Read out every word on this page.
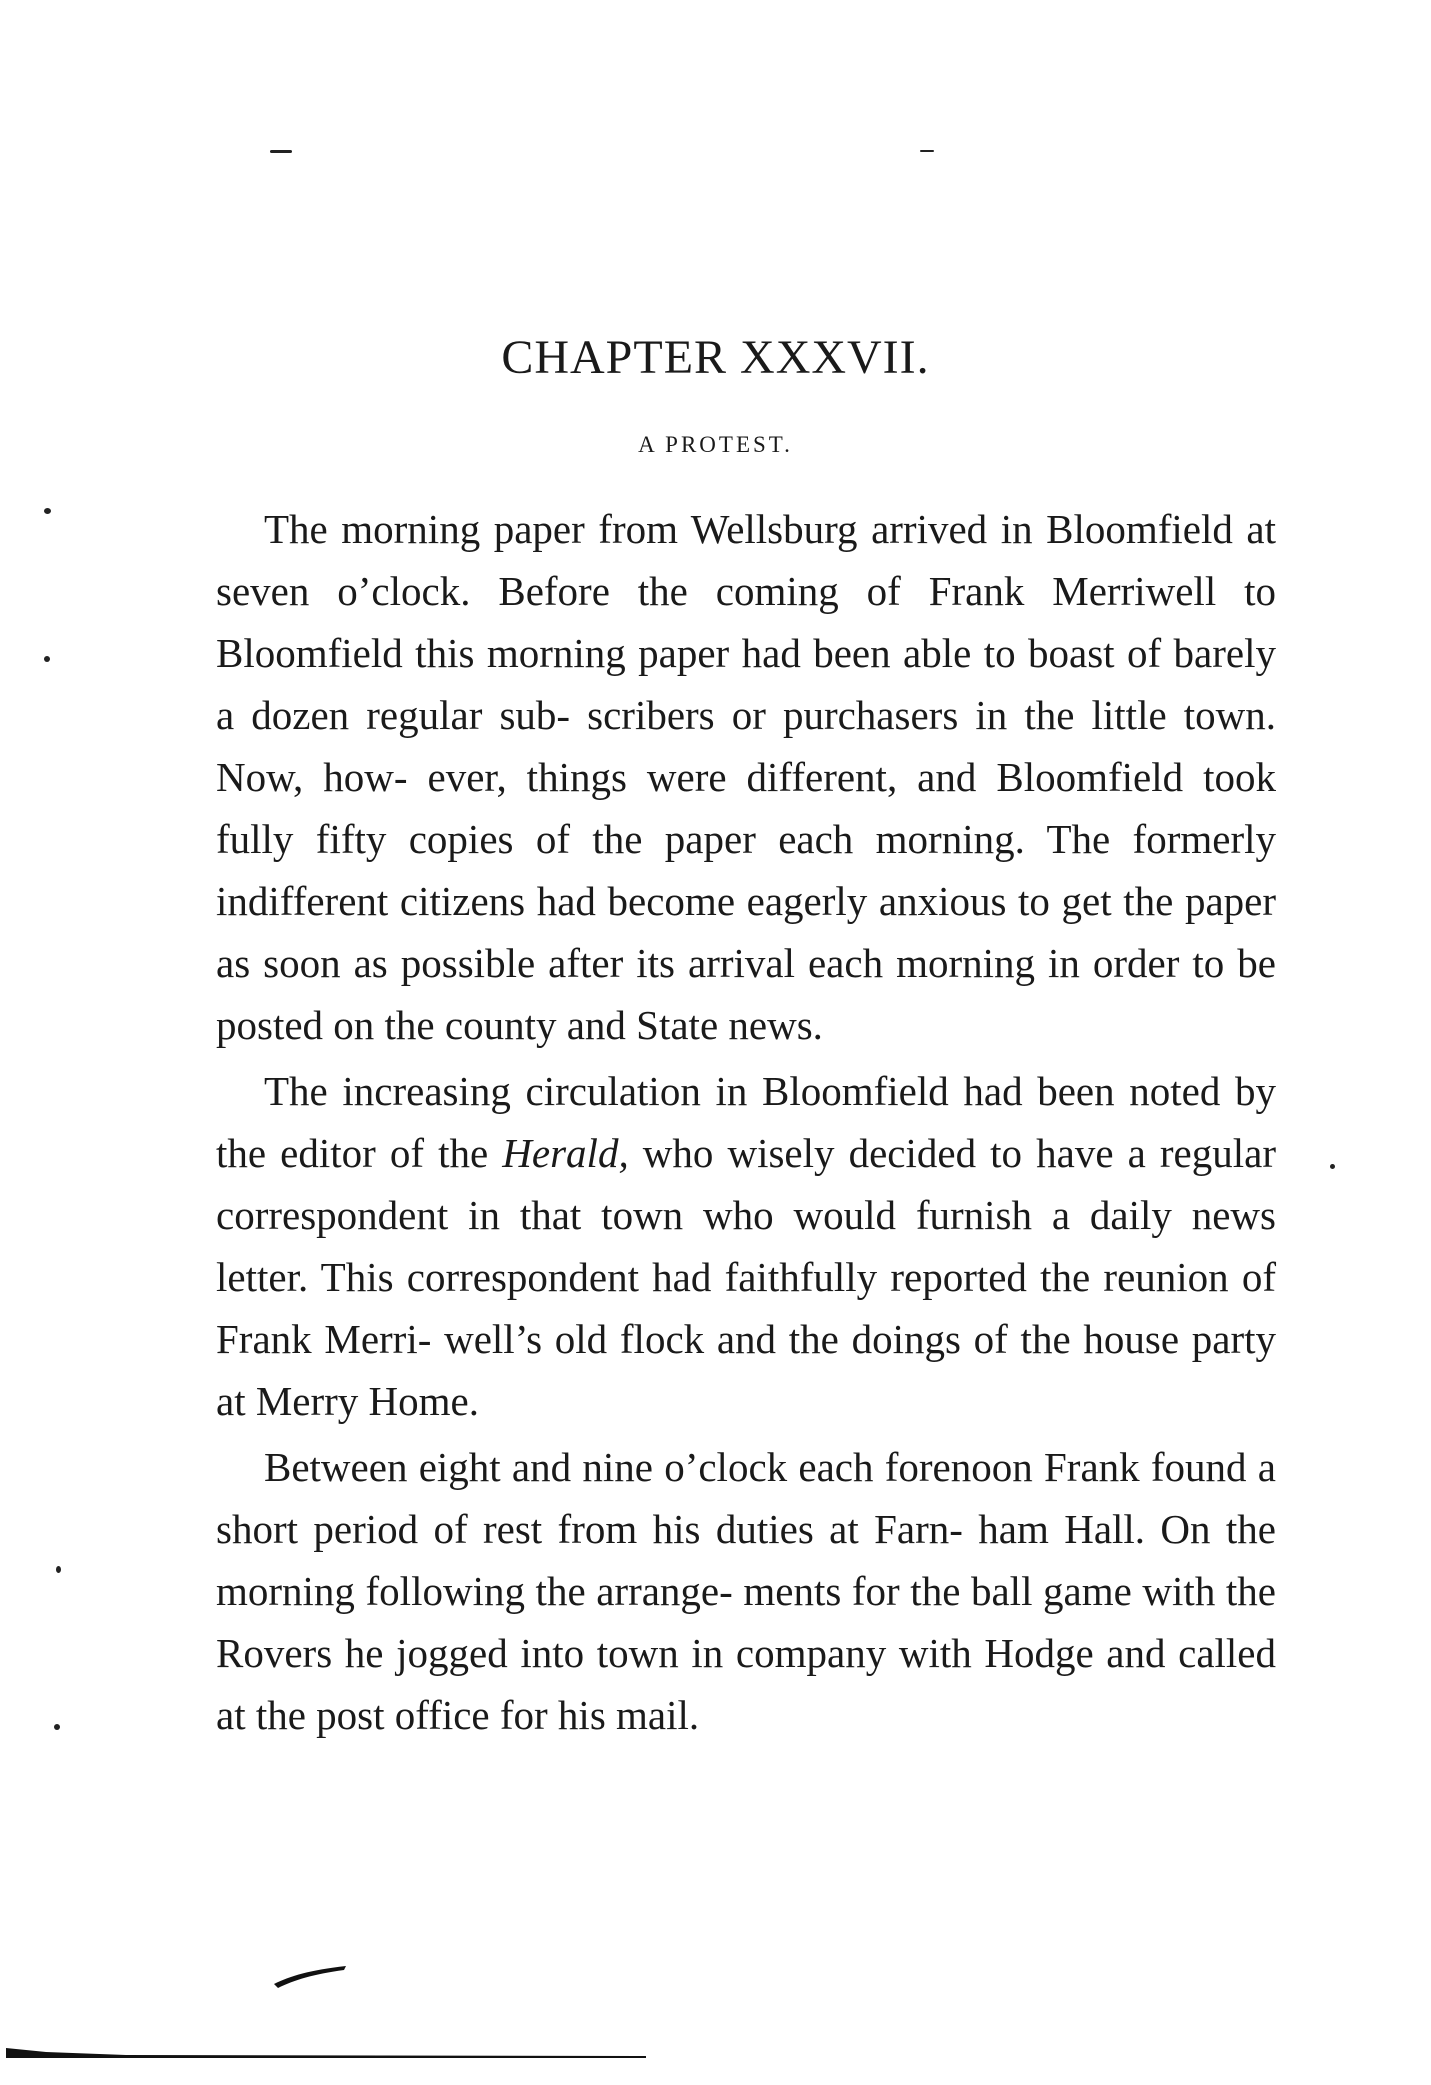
CHAPTER XXXVII.
A PROTEST.

The morning paper from Wellsburg arrived in Bloomfield at seven o’clock. Before the coming of Frank Merriwell to Bloomfield this morning paper had been able to boast of barely a dozen regular sub- scribers or purchasers in the little town. Now, how- ever, things were different, and Bloomfield took fully fifty copies of the paper each morning. The formerly indifferent citizens had become eagerly anxious to get the paper as soon as possible after its arrival each morning in order to be posted on the county and State news.

The increasing circulation in Bloomfield had been noted by the editor of the Herald, who wisely decided to have a regular correspondent in that town who would furnish a daily news letter. This correspondent had faithfully reported the reunion of Frank Merri- well’s old flock and the doings of the house party at Merry Home.

Between eight and nine o’clock each forenoon Frank found a short period of rest from his duties at Farn- ham Hall. On the morning following the arrange- ments for the ball game with the Rovers he jogged into town in company with Hodge and called at the post office for his mail.
